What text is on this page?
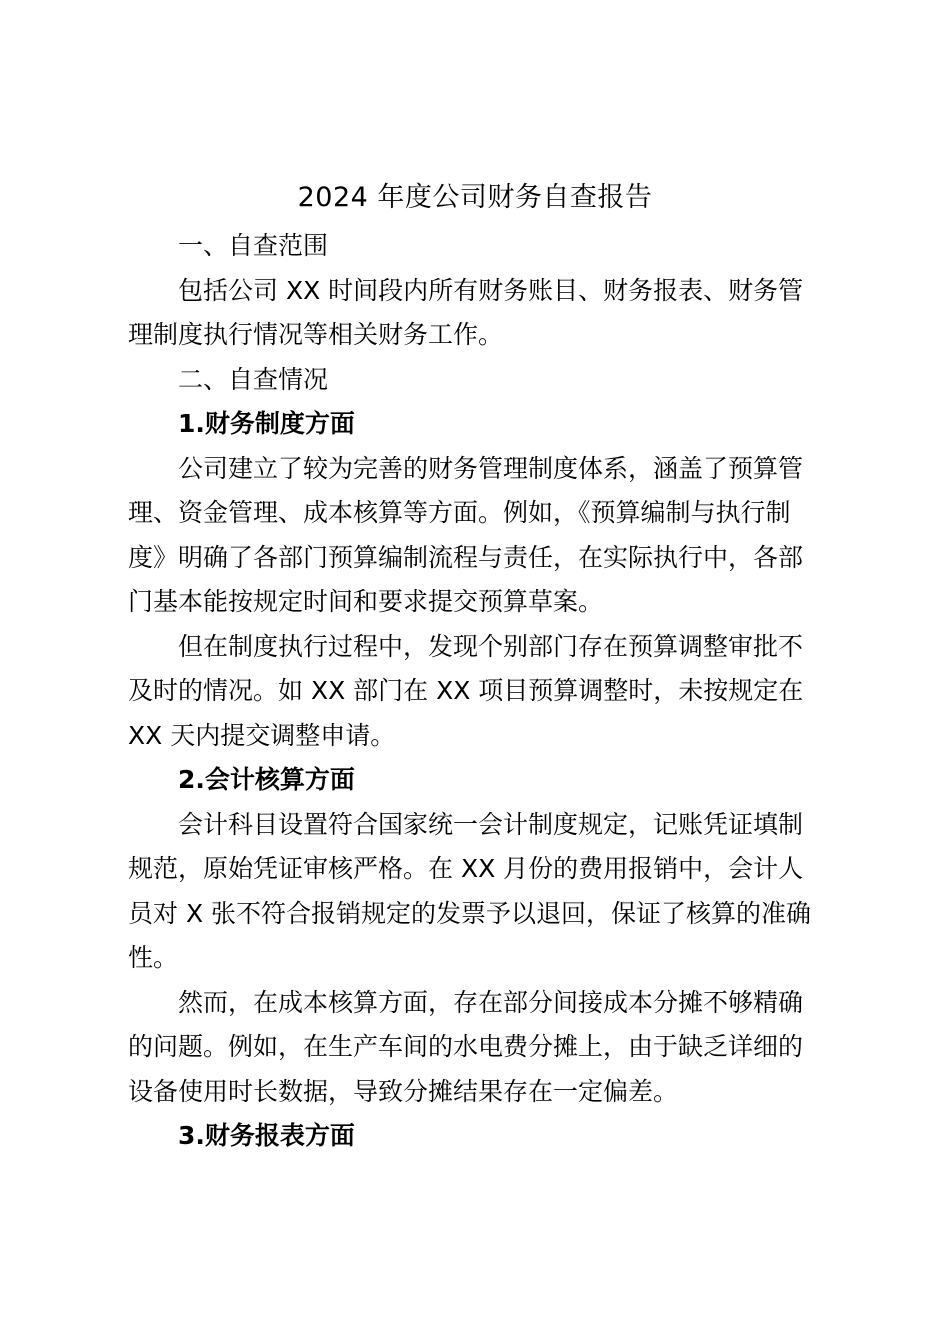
2024 年度公司财务自查报告

一、自查范围

包括公司 XX 时间段内所有财务账目、财务报表、财务管

理制度执行情况等相关财务工作。

二、自查情况

1.财务制度方面

公司建立了较为完善的财务管理制度体系，涵盖了预算管

理、资金管理、成本核算等方面。例如，《预算编制与执行制

度》明确了各部门预算编制流程与责任，在实际执行中，各部

门基本能按规定时间和要求提交预算草案。

但在制度执行过程中，发现个别部门存在预算调整审批不

及时的情况。如 XX 部门在 XX 项目预算调整时，未按规定在

XX 天内提交调整申请。

2.会计核算方面

会计科目设置符合国家统一会计制度规定，记账凭证填制

规范，原始凭证审核严格。在 XX 月份的费用报销中，会计人

员对 X 张不符合报销规定的发票予以退回，保证了核算的准确

性。

然而，在成本核算方面，存在部分间接成本分摊不够精确

的问题。例如，在生产车间的水电费分摊上，由于缺乏详细的

设备使用时长数据，导致分摊结果存在一定偏差。

3.财务报表方面
